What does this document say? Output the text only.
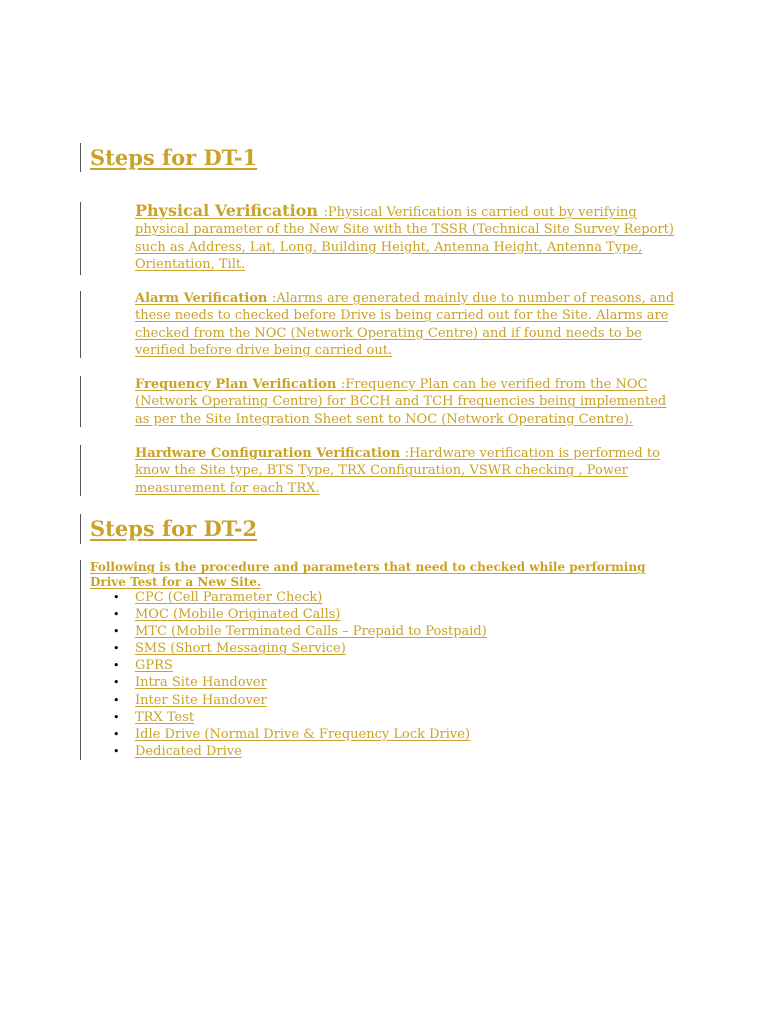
Steps for DT-1
Physical Verification :Physical Verification is carried out by verifying physical parameter of the New Site with the TSSR (Technical Site Survey Report) such as Address, Lat, Long, Building Height, Antenna Height, Antenna Type, Orientation, Tilt.
Alarm Verification :Alarms are generated mainly due to number of reasons, and these needs to checked before Drive is being carried out for the Site. Alarms are checked from the NOC (Network Operating Centre) and if found needs to be verified before drive being carried out.
Frequency Plan Verification :Frequency Plan can be verified from the NOC (Network Operating Centre) for BCCH and TCH frequencies being implemented as per the Site Integration Sheet sent to NOC (Network Operating Centre).
Hardware Configuration Verification :Hardware verification is performed to know the Site type, BTS Type, TRX Configuration, VSWR checking , Power measurement for each TRX.
Steps for DT-2
Following is the procedure and parameters that need to checked while performing Drive Test for a New Site.
• CPC (Cell Parameter Check)
• MOC (Mobile Originated Calls)
• MTC (Mobile Terminated Calls – Prepaid to Postpaid)
• SMS (Short Messaging Service)
• GPRS
• Intra Site Handover
• Inter Site Handover
• TRX Test
• Idle Drive (Normal Drive & Frequency Lock Drive)
• Dedicated Drive
